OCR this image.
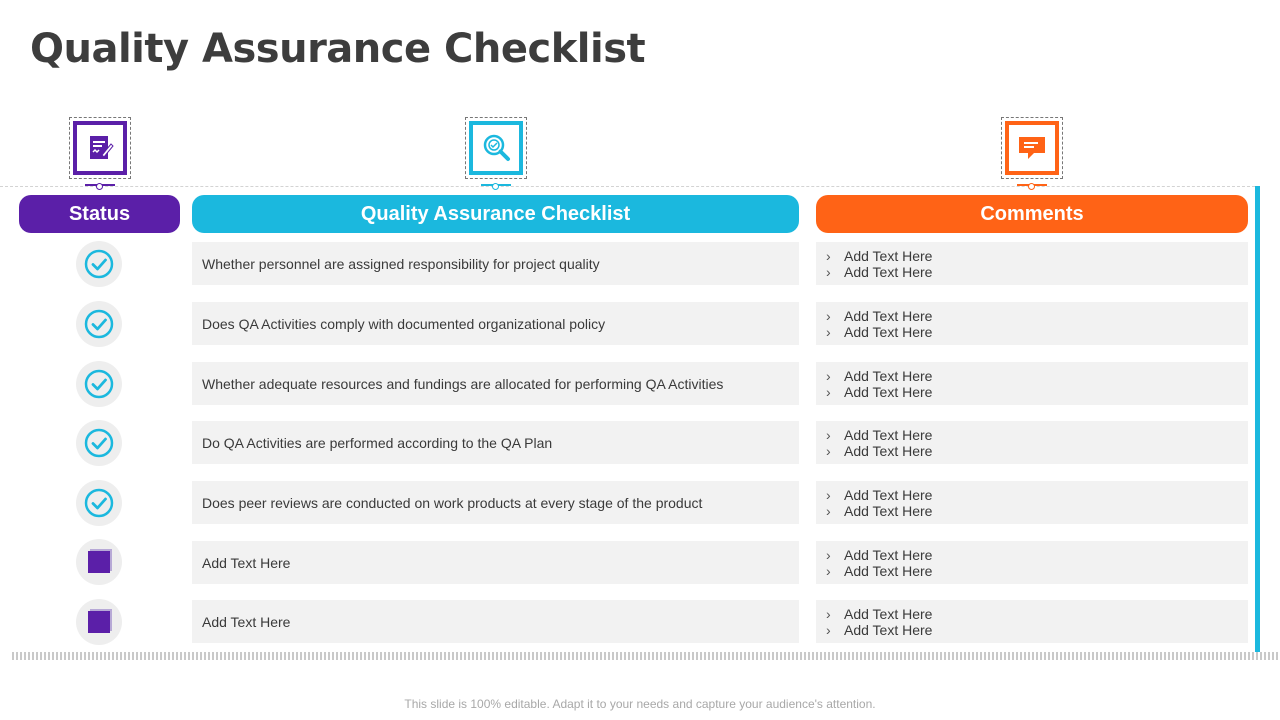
Quality Assurance Checklist
Status	Quality Assurance Checklist	Comments
Whether personnel are assigned responsibility for project quality	› Add Text Here
› Add Text Here
Does QA Activities comply with documented organizational policy	› Add Text Here
› Add Text Here
Whether adequate resources and fundings are allocated for performing QA Activities	› Add Text Here
› Add Text Here
Do QA Activities are performed according to the QA Plan	› Add Text Here
› Add Text Here
Does peer reviews are conducted on work products at every stage of the product	› Add Text Here
› Add Text Here
Add Text Here	› Add Text Here
› Add Text Here
Add Text Here	› Add Text Here
› Add Text Here
This slide is 100% editable. Adapt it to your needs and capture your audience's attention.
